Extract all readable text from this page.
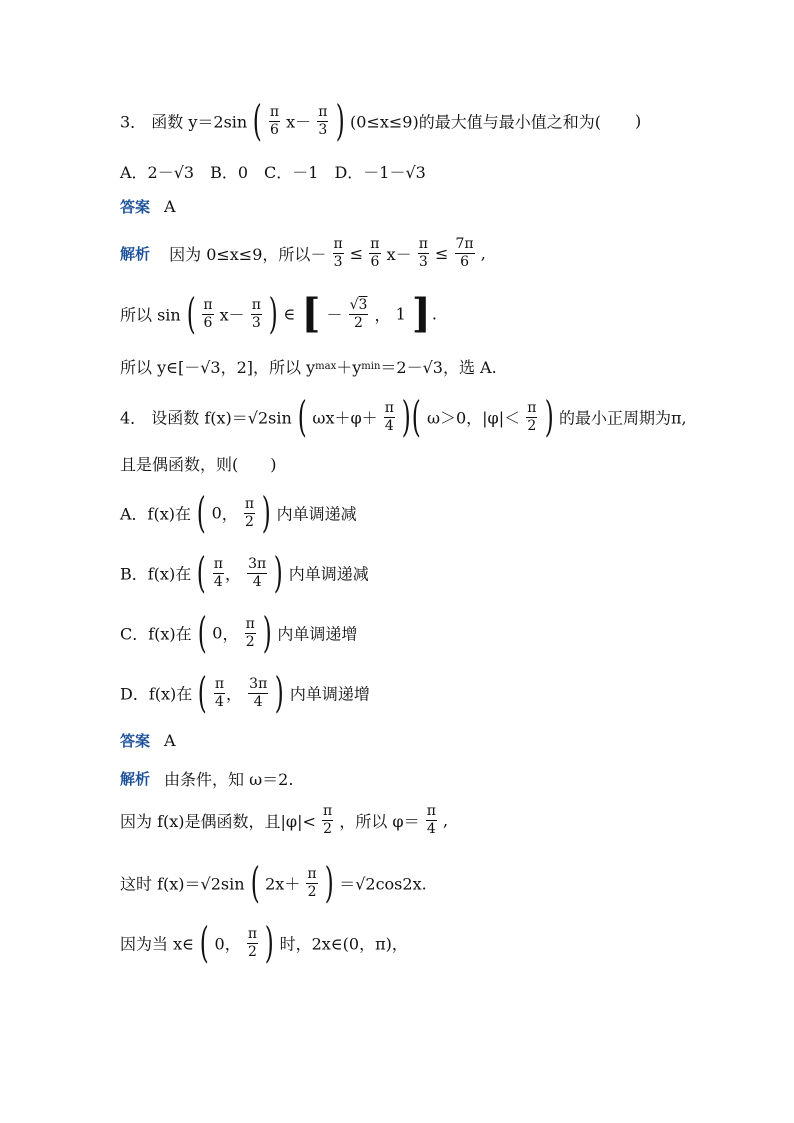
3． 函数 y＝2sin ( $\frac{\pi}{6} x- \frac{\pi}{3}$ ) (0≤x≤9)的最大值与最小值之和为( )
A．2－√3　B．0　C．－1　D．－1－√3
答案 A
解析 因为 0≤x≤9，所以－ $\frac{\pi}{3} \le \frac{\pi}{6} x- \frac{\pi}{3} \le \frac{7\pi}{6}$ ,
所以 sin ( $\frac{\pi}{6} x- \frac{\pi}{3}$ ) ∈ [ － $\frac{√3}{2}$ ， 1 ].
所以 y∈[－√3，2]，所以 ymax＋ymin＝2－√3，选 A.
4． 设函数 f(x)＝√2sin ( $\omega x+\varphi+ \frac{\pi}{4}$ )( ω＞0，$|\varphi|< \frac{\pi}{2}$ ) 的最小正周期为π,
且是偶函数，则(　　)
A．f(x)在 ( 0， $\frac{\pi}{2}$ ) 内单调递减
B．f(x)在 ( $\frac{\pi}{4}$ ， $\frac{3\pi}{4}$ ) 内单调递减
C．f(x)在 ( 0， $\frac{\pi}{2}$ ) 内单调递增
D．f(x)在 ( $\frac{\pi}{4}$ ， $\frac{3\pi}{4}$ ) 内单调递增
答案 A
解析 由条件，知 ω＝2.
因为 f(x)是偶函数，且$|\varphi|< \frac{\pi}{2}$ ，所以 $\varphi= \frac{\pi}{4}$ ,
这时 f(x)＝√2sin ( $2x+ \frac{\pi}{2}$ ) ＝√2cos2x.
因为当 x∈ ( 0， $\frac{\pi}{2}$ ) 时，2x∈(0，π)，
